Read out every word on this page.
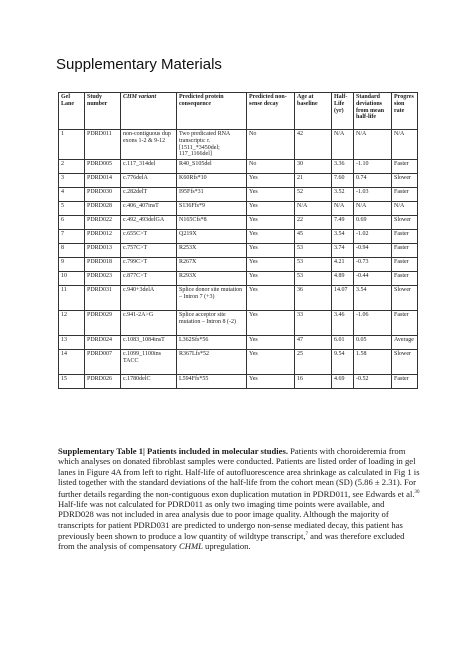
Supplementary Materials
Gel Lane	Study number	CHM variant	Predicted protein consequence	Predicted non-sense decay	Age at baseline	Half-Life (yr)	Standard deviations from mean half-life	Progression rate
1	PDRD011	non-contiguous dup exons 1-2 & 9-12	Two predicated RNA transcripts: r.[1511_*3450del; 117_1166del]	No	42	N/A	N/A	N/A
2	PDRD005	c.117_314del	R40_S105del	No	30	3.36	-1.10	Faster
3	PDRD014	c.776delA	K60Rfs*10	Yes	21	7.60	0.74	Slower
4	PDRD030	c.282delT	I95Ffs*31	Yes	52	3.52	-1.03	Faster
5	PDRD028	c.406_407insT	S136Ffs*9	Yes	N/A	N/A	N/A	N/A
6	PDRD022	c.492_493delGA	N165Cfs*8	Yes	22	7.49	0.69	Slower
7	PDRD012	c.655C>T	Q219X	Yes	45	3.54	-1.02	Faster
8	PDRD013	c.757C>T	R253X	Yes	53	3.74	-0.94	Faster
9	PDRD018	c.799C>T	R267X	Yes	53	4.21	-0.73	Faster
10	PDRD023	c.877C>T	R293X	Yes	53	4.89	-0.44	Faster
11	PDRD031	c.940+3delA	Splice donor site mutation – Intron 7 (+3)	Yes	36	14.07	3.54	Slower
12	PDRD029	c.941-2A>G	Splice acceptor site mutation – Intron 8 (-2)	Yes	33	3.46	-1.06	Faster
13	PDRD024	c.1083_1084insT	L362Sfs*56	Yes	47	6.01	0.05	Average
14	PDRD007	c.1099_1100ins TACC	R367Lfs*52	Yes	25	9.54	1.58	Slower
15	PDRD026	c.1780delC	L594Ffs*55	Yes	16	4.69	-0.52	Faster
Supplementary Table 1| Patients included in molecular studies. Patients with choroideremia from which analyses on donated fibroblast samples were conducted. Patients are listed order of loading in gel lanes in Figure 4A from left to right. Half-life of autofluorescence area shrinkage as calculated in Fig 1 is listed together with the standard deviations of the half-life from the cohort mean (SD) (5.86 ± 2.31). For further details regarding the non-contiguous exon duplication mutation in PDRD011, see Edwards et al.$^{30}$ Half-life was not calculated for PDRD011 as only two imaging time points were available, and PDRD028 was not included in area analysis due to poor image quality. Although the majority of transcripts for patient PDRD031 are predicted to undergo non-sense mediated decay, this patient has previously been shown to produce a low quantity of wildtype transcript,$^7$ and was therefore excluded from the analysis of compensatory CHML upregulation.
